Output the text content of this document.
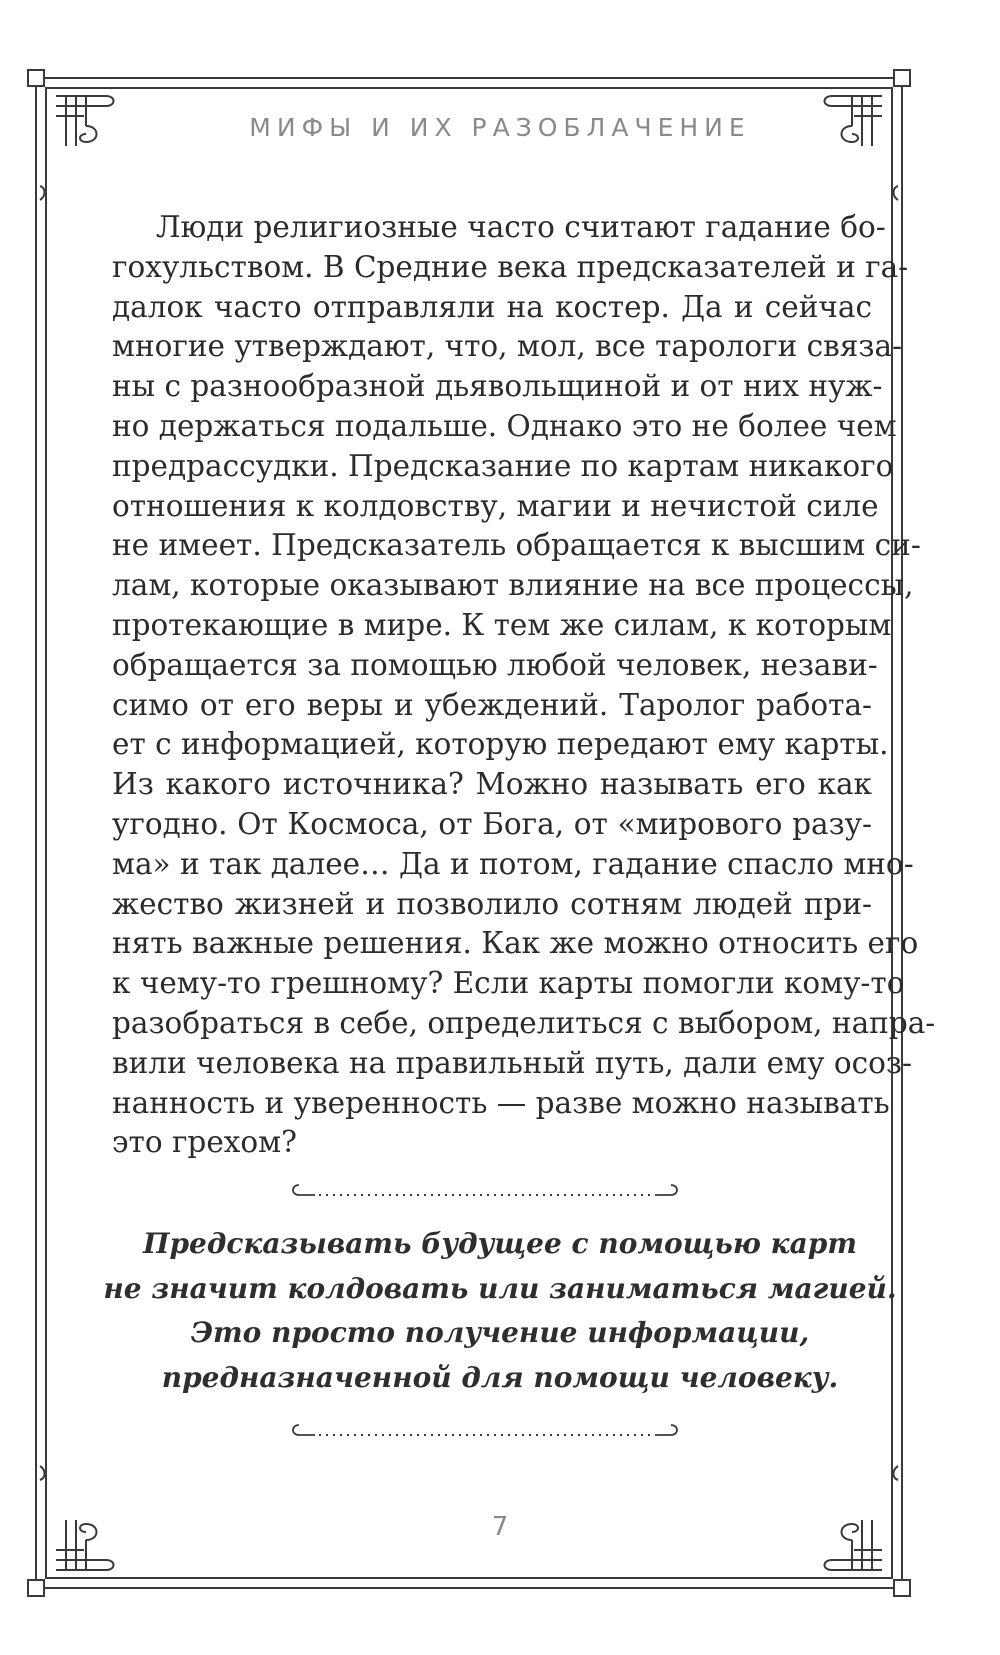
МИФЫ И ИХ РАЗОБЛАЧЕНИЕ

Люди религиозные часто считают гадание бо-
гохульством. В Средние века предсказателей и га-
далок часто отправляли на костер. Да и сейчас
многие утверждают, что, мол, все тарологи связа-
ны с разнообразной дьявольщиной и от них нуж-
но держаться подальше. Однако это не более чем
предрассудки. Предсказание по картам никакого
отношения к колдовству, магии и нечистой силе
не имеет. Предсказатель обращается к высшим си-
лам, которые оказывают влияние на все процессы,
протекающие в мире. К тем же силам, к которым
обращается за помощью любой человек, незави-
симо от его веры и убеждений. Таролог работа-
ет с информацией, которую передают ему карты.
Из какого источника? Можно называть его как
угодно. От Космоса, от Бога, от «мирового разу-
ма» и так далее… Да и потом, гадание спасло мно-
жество жизней и позволило сотням людей при-
нять важные решения. Как же можно относить его
к чему-то грешному? Если карты помогли кому-то
разобраться в себе, определиться с выбором, напра-
вили человека на правильный путь, дали ему осоз-
нанность и уверенность — разве можно называть
это грехом?
Предсказывать будущее с помощью карт
не значит колдовать или заниматься магией.
Это просто получение информации,
предназначенной для помощи человеку.

7
